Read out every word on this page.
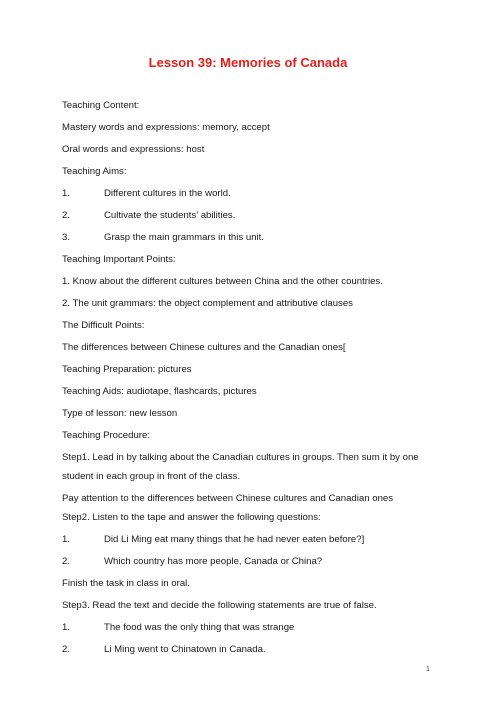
Lesson 39: Memories of Canada
Teaching Content:
Mastery words and expressions: memory, accept
Oral words and expressions: host
Teaching Aims:
1.	Different cultures in the world.
2.	Cultivate the students’ abilities.
3.	Grasp the main grammars in this unit.
Teaching Important Points:
1. Know about the different cultures between China and the other countries.
2. The unit grammars: the object complement and attributive clauses
The Difficult Points:
The differences between Chinese cultures and the Canadian ones[
Teaching Preparation: pictures
Teaching Aids: audiotape, flashcards, pictures
Type of lesson: new lesson
Teaching Procedure:
Step1. Lead in by talking about the Canadian cultures in groups. Then sum it by one
student in each group in front of the class.
Pay attention to the differences between Chinese cultures and Canadian ones
Step2. Listen to the tape and answer the following questions:
1.	Did Li Ming eat many things that he had never eaten before?]
2.	Which country has more people, Canada or China?
Finish the task in class in oral.
Step3. Read the text and decide the following statements are true of false.
1.	The food was the only thing that was strange
2.	Li Ming went to Chinatown in Canada.
1
